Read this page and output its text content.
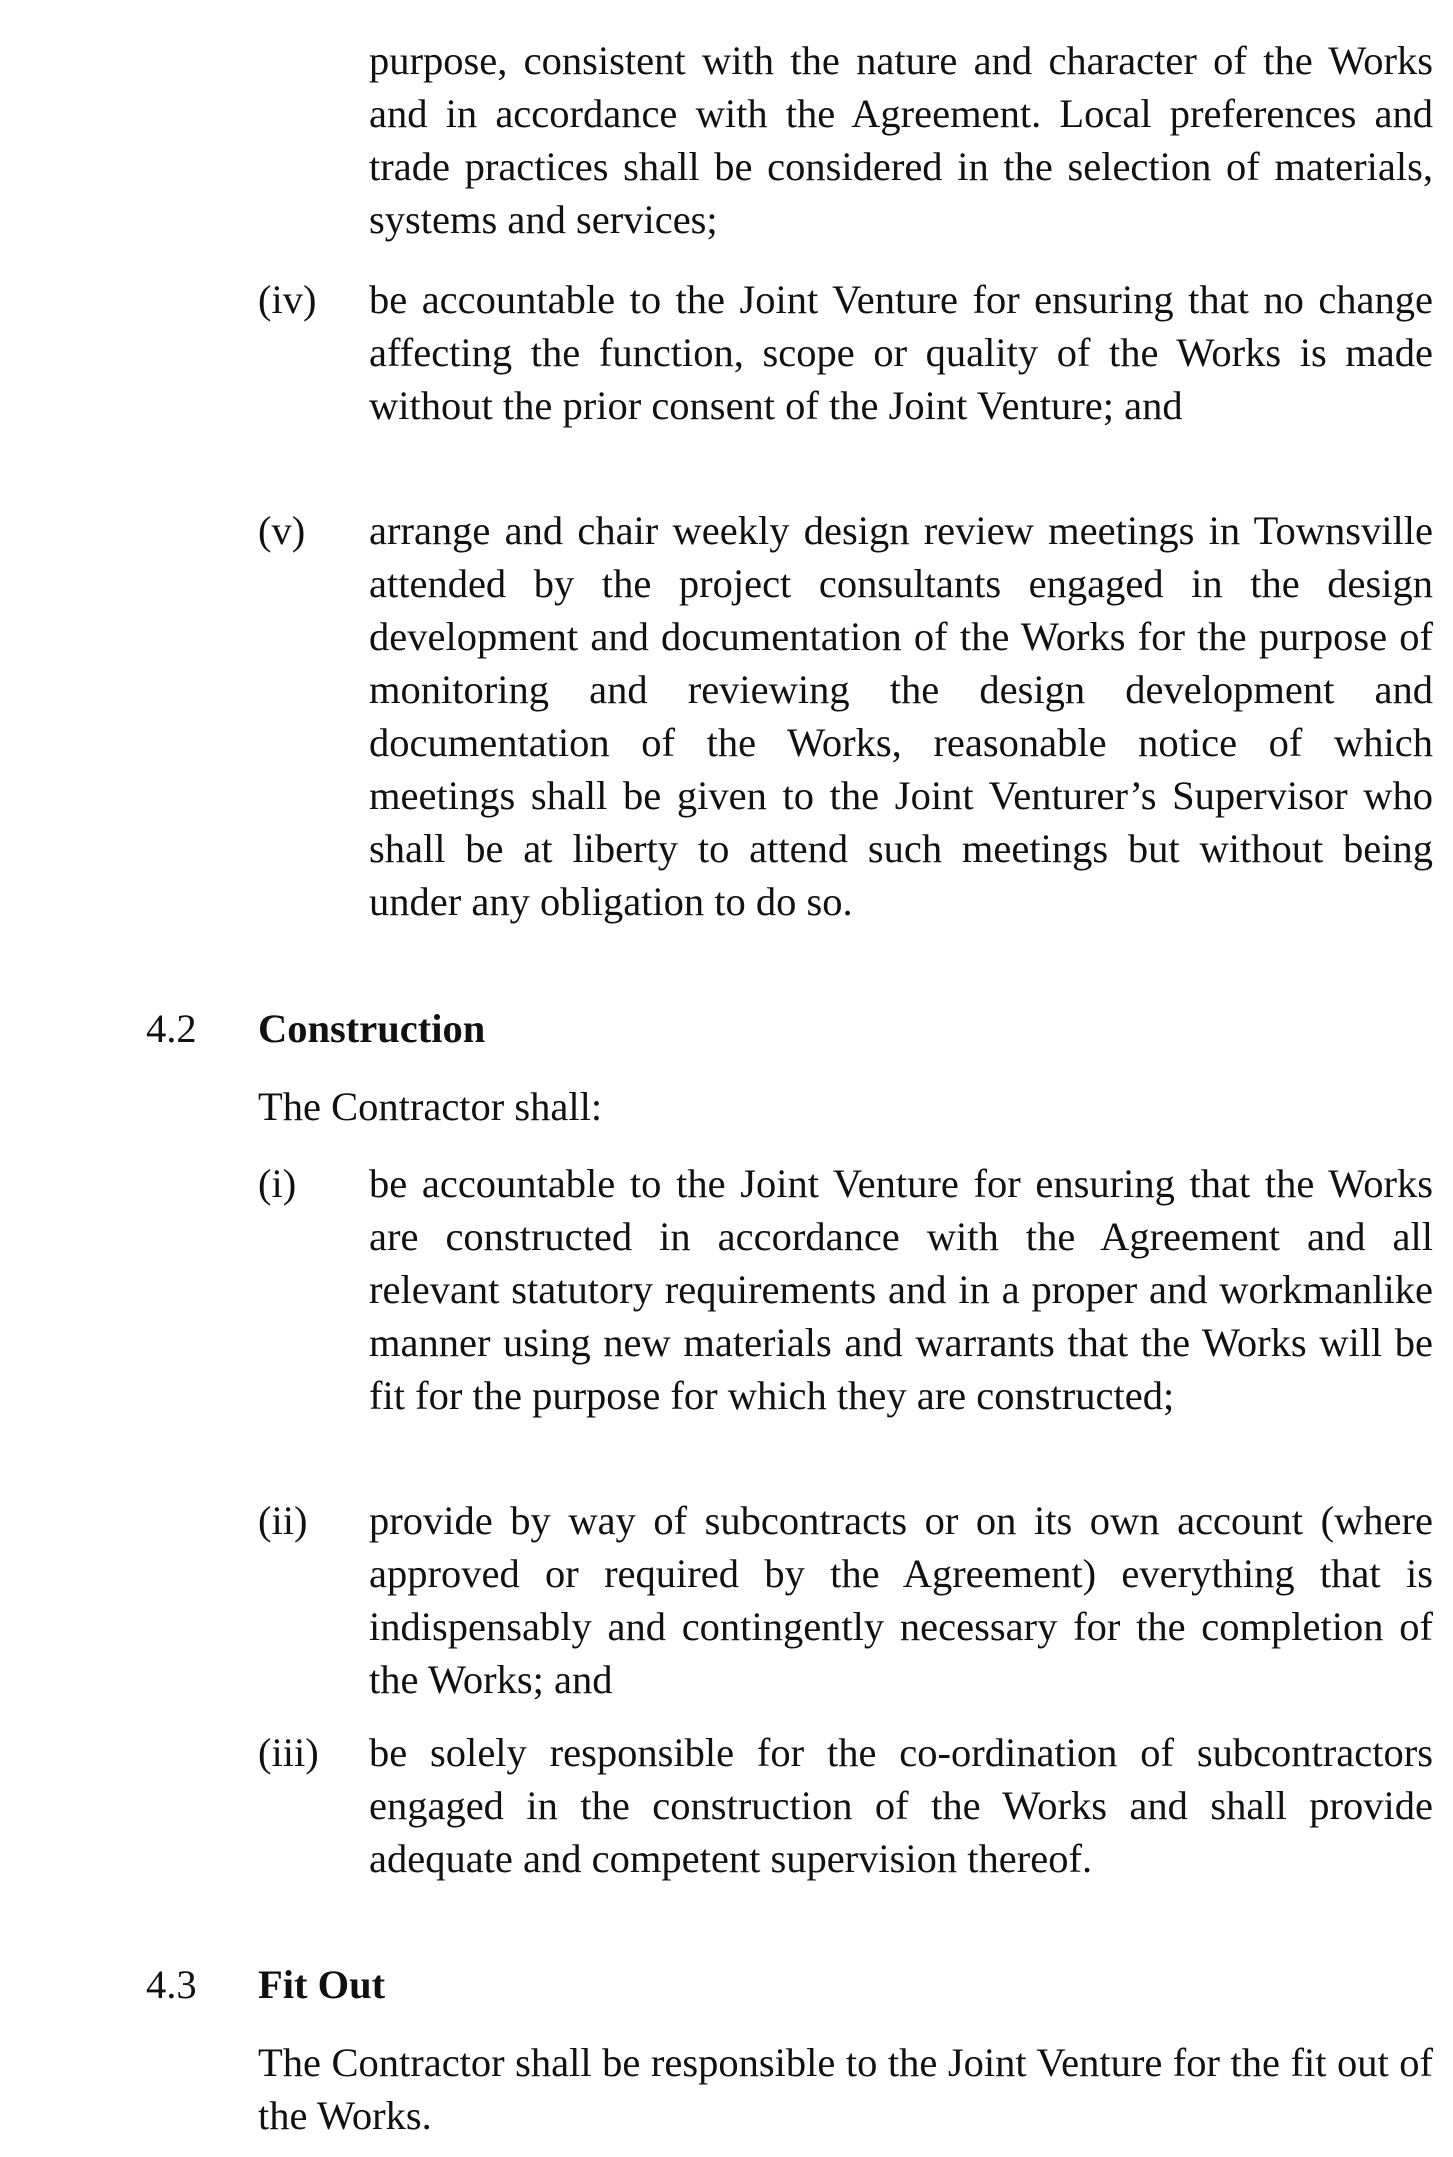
purpose, consistent with the nature and character of the Works and in accordance with the Agreement. Local preferences and trade practices shall be considered in the selection of materials, systems and services;

(iv) be accountable to the Joint Venture for ensuring that no change affecting the function, scope or quality of the Works is made without the prior consent of the Joint Venture; and

(v) arrange and chair weekly design review meetings in Townsville attended by the project consultants engaged in the design development and documentation of the Works for the purpose of monitoring and reviewing the design development and documentation of the Works, reasonable notice of which meetings shall be given to the Joint Venturer’s Supervisor who shall be at liberty to attend such meetings but without being under any obligation to do so.

4.2 Construction

The Contractor shall:

(i) be accountable to the Joint Venture for ensuring that the Works are constructed in accordance with the Agreement and all relevant statutory requirements and in a proper and workmanlike manner using new materials and warrants that the Works will be fit for the purpose for which they are constructed;

(ii) provide by way of subcontracts or on its own account (where approved or required by the Agreement) everything that is indispensably and contingently necessary for the completion of the Works; and

(iii) be solely responsible for the co-ordination of subcontractors engaged in the construction of the Works and shall provide adequate and competent supervision thereof.

4.3 Fit Out

The Contractor shall be responsible to the Joint Venture for the fit out of the Works.
